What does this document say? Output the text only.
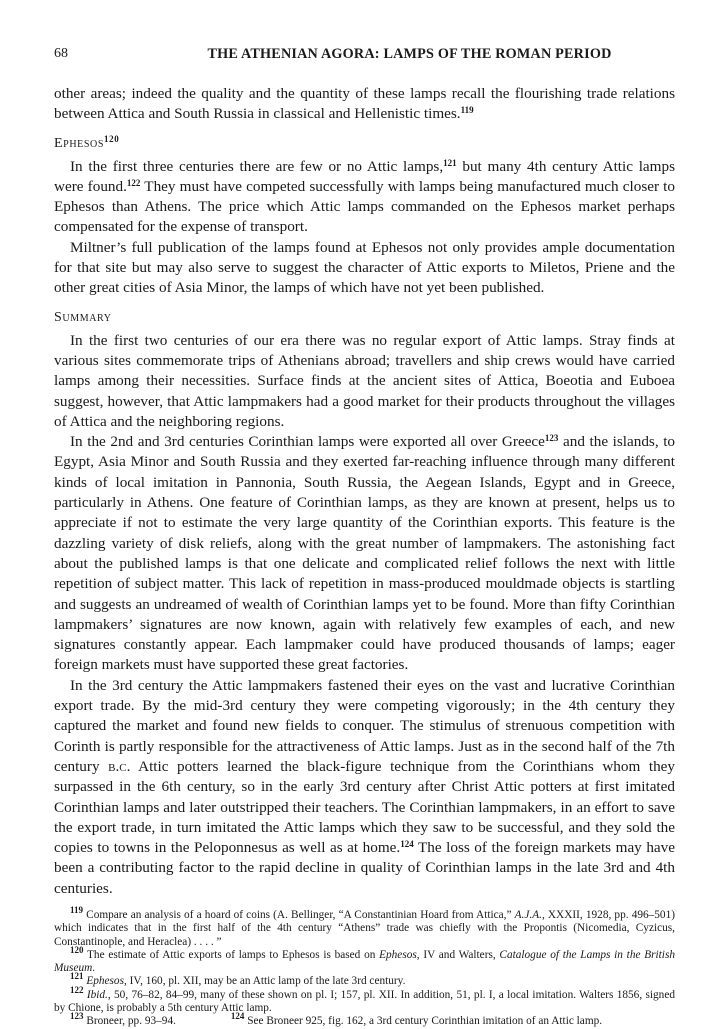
68	THE ATHENIAN AGORA: LAMPS OF THE ROMAN PERIOD

other areas; indeed the quality and the quantity of these lamps recall the flourishing trade relations between Attica and South Russia in classical and Hellenistic times.$^{119}$

Ephesos$^{120}$

In the first three centuries there are few or no Attic lamps,$^{121}$ but many 4th century Attic lamps were found.$^{122}$ They must have competed successfully with lamps being manufactured much closer to Ephesos than Athens. The price which Attic lamps commanded on the Ephesos market perhaps compensated for the expense of transport.

Miltner’s full publication of the lamps found at Ephesos not only provides ample documentation for that site but may also serve to suggest the character of Attic exports to Miletos, Priene and the other great cities of Asia Minor, the lamps of which have not yet been published.

Summary

In the first two centuries of our era there was no regular export of Attic lamps. Stray finds at various sites commemorate trips of Athenians abroad; travellers and ship crews would have carried lamps among their necessities. Surface finds at the ancient sites of Attica, Boeotia and Euboea suggest, however, that Attic lampmakers had a good market for their products throughout the villages of Attica and the neighboring regions.

In the 2nd and 3rd centuries Corinthian lamps were exported all over Greece$^{123}$ and the islands, to Egypt, Asia Minor and South Russia and they exerted far-reaching influence through many different kinds of local imitation in Pannonia, South Russia, the Aegean Islands, Egypt and in Greece, particularly in Athens. One feature of Corinthian lamps, as they are known at present, helps us to appreciate if not to estimate the very large quantity of the Corinthian exports. This feature is the dazzling variety of disk reliefs, along with the great number of lampmakers. The astonishing fact about the published lamps is that one delicate and complicated relief follows the next with little repetition of subject matter. This lack of repetition in mass-produced mouldmade objects is startling and suggests an undreamed of wealth of Corinthian lamps yet to be found. More than fifty Corinthian lampmakers’ signatures are now known, again with relatively few examples of each, and new signatures constantly appear. Each lampmaker could have produced thousands of lamps; eager foreign markets must have supported these great factories.

In the 3rd century the Attic lampmakers fastened their eyes on the vast and lucrative Corinthian export trade. By the mid-3rd century they were competing vigorously; in the 4th century they captured the market and found new fields to conquer. The stimulus of strenuous competition with Corinth is partly responsible for the attractiveness of Attic lamps. Just as in the second half of the 7th century b.c. Attic potters learned the black-figure technique from the Corinthians whom they surpassed in the 6th century, so in the early 3rd century after Christ Attic potters at first imitated Corinthian lamps and later outstripped their teachers. The Corinthian lampmakers, in an effort to save the export trade, in turn imitated the Attic lamps which they saw to be successful, and they sold the copies to towns in the Peloponnesus as well as at home.$^{124}$ The loss of the foreign markets may have been a contributing factor to the rapid decline in quality of Corinthian lamps in the late 3rd and 4th centuries.

$^{119}$ Compare an analysis of a hoard of coins (A. Bellinger, “A Constantinian Hoard from Attica,” A.J.A., XXXII, 1928, pp. 496–501) which indicates that in the first half of the 4th century “Athens” trade was chiefly with the Propontis (Nicomedia, Cyzicus, Constantinople, and Heraclea) . . . . ”

$^{120}$ The estimate of Attic exports of lamps to Ephesos is based on Ephesos, IV and Walters, Catalogue of the Lamps in the British Museum.

$^{121}$ Ephesos, IV, 160, pl. XII, may be an Attic lamp of the late 3rd century.

$^{122}$ Ibid., 50, 76–82, 84–99, many of these shown on pl. I; 157, pl. XII. In addition, 51, pl. I, a local imitation. Walters 1856, signed by Chione, is probably a 5th century Attic lamp.

$^{123}$ Broneer, pp. 93–94.	$^{124}$ See Broneer 925, fig. 162, a 3rd century Corinthian imitation of an Attic lamp.
